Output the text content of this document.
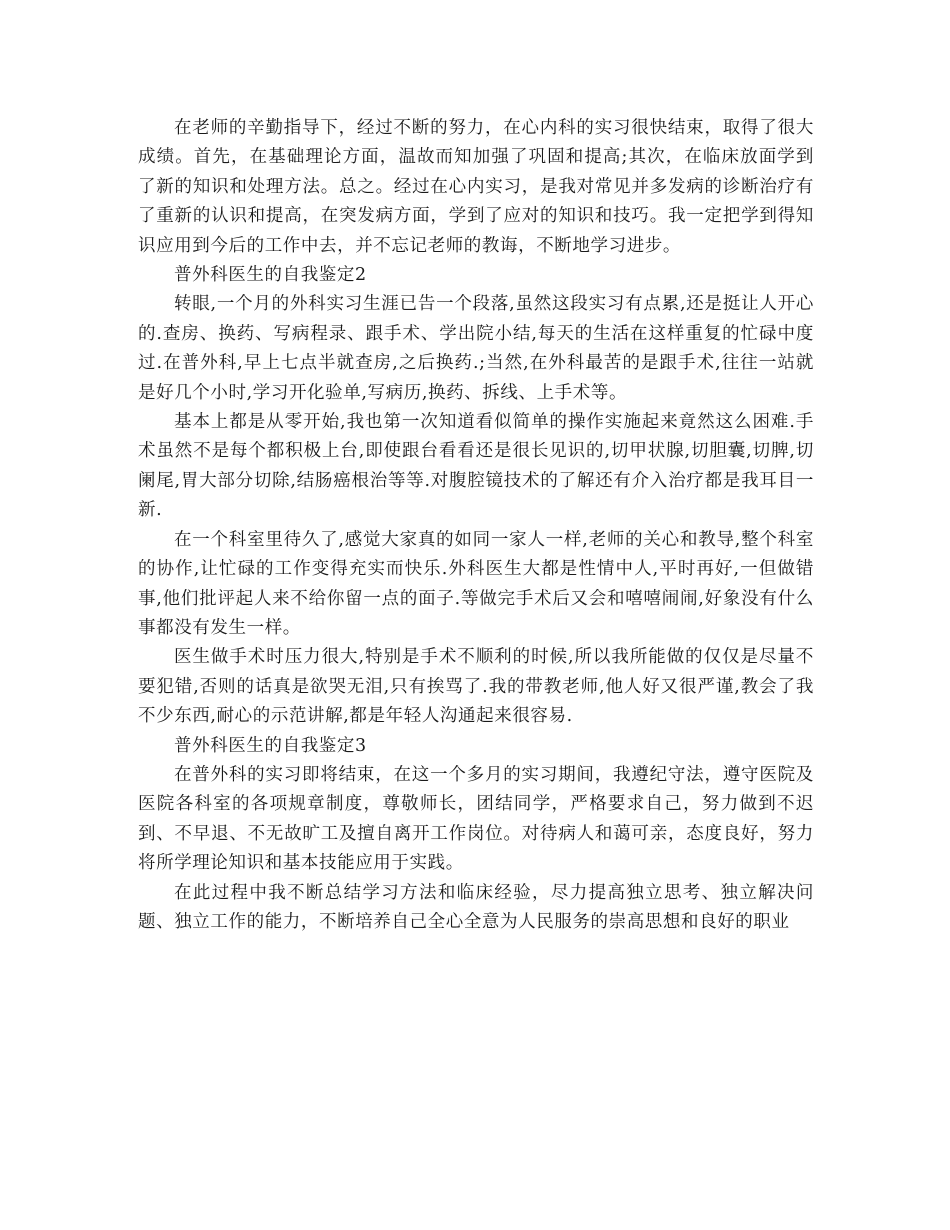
在老师的辛勤指导下，经过不断的努力，在心内科的实习很快结束，取得了很大成绩。首先，在基础理论方面，温故而知加强了巩固和提高;其次，在临床放面学到了新的知识和处理方法。总之。经过在心内实习，是我对常见并多发病的诊断治疗有了重新的认识和提高，在突发病方面，学到了应对的知识和技巧。我一定把学到得知识应用到今后的工作中去，并不忘记老师的教诲，不断地学习进步。

普外科医生的自我鉴定2

转眼,一个月的外科实习生涯已告一个段落,虽然这段实习有点累,还是挺让人开心的.查房、换药、写病程录、跟手术、学出院小结,每天的生活在这样重复的忙碌中度过.在普外科,早上七点半就查房,之后换药.;当然,在外科最苦的是跟手术,往往一站就是好几个小时,学习开化验单,写病历,换药、拆线、上手术等。

基本上都是从零开始,我也第一次知道看似简单的操作实施起来竟然这么困难.手术虽然不是每个都积极上台,即使跟台看看还是很长见识的,切甲状腺,切胆囊,切脾,切阑尾,胃大部分切除,结肠癌根治等等.对腹腔镜技术的了解还有介入治疗都是我耳目一新.

在一个科室里待久了,感觉大家真的如同一家人一样,老师的关心和教导,整个科室的协作,让忙碌的工作变得充实而快乐.外科医生大都是性情中人,平时再好,一但做错事,他们批评起人来不给你留一点的面子.等做完手术后又会和嘻嘻闹闹,好象没有什么事都没有发生一样。

医生做手术时压力很大,特别是手术不顺利的时候,所以我所能做的仅仅是尽量不要犯错,否则的话真是欲哭无泪,只有挨骂了.我的带教老师,他人好又很严谨,教会了我不少东西,耐心的示范讲解,都是年轻人沟通起来很容易.

普外科医生的自我鉴定3

在普外科的实习即将结束，在这一个多月的实习期间，我遵纪守法，遵守医院及医院各科室的各项规章制度，尊敬师长，团结同学，严格要求自己，努力做到不迟到、不早退、不无故旷工及擅自离开工作岗位。对待病人和蔼可亲，态度良好，努力将所学理论知识和基本技能应用于实践。

在此过程中我不断总结学习方法和临床经验，尽力提高独立思考、独立解决问题、独立工作的能力，不断培养自己全心全意为人民服务的崇高思想和良好的职业
